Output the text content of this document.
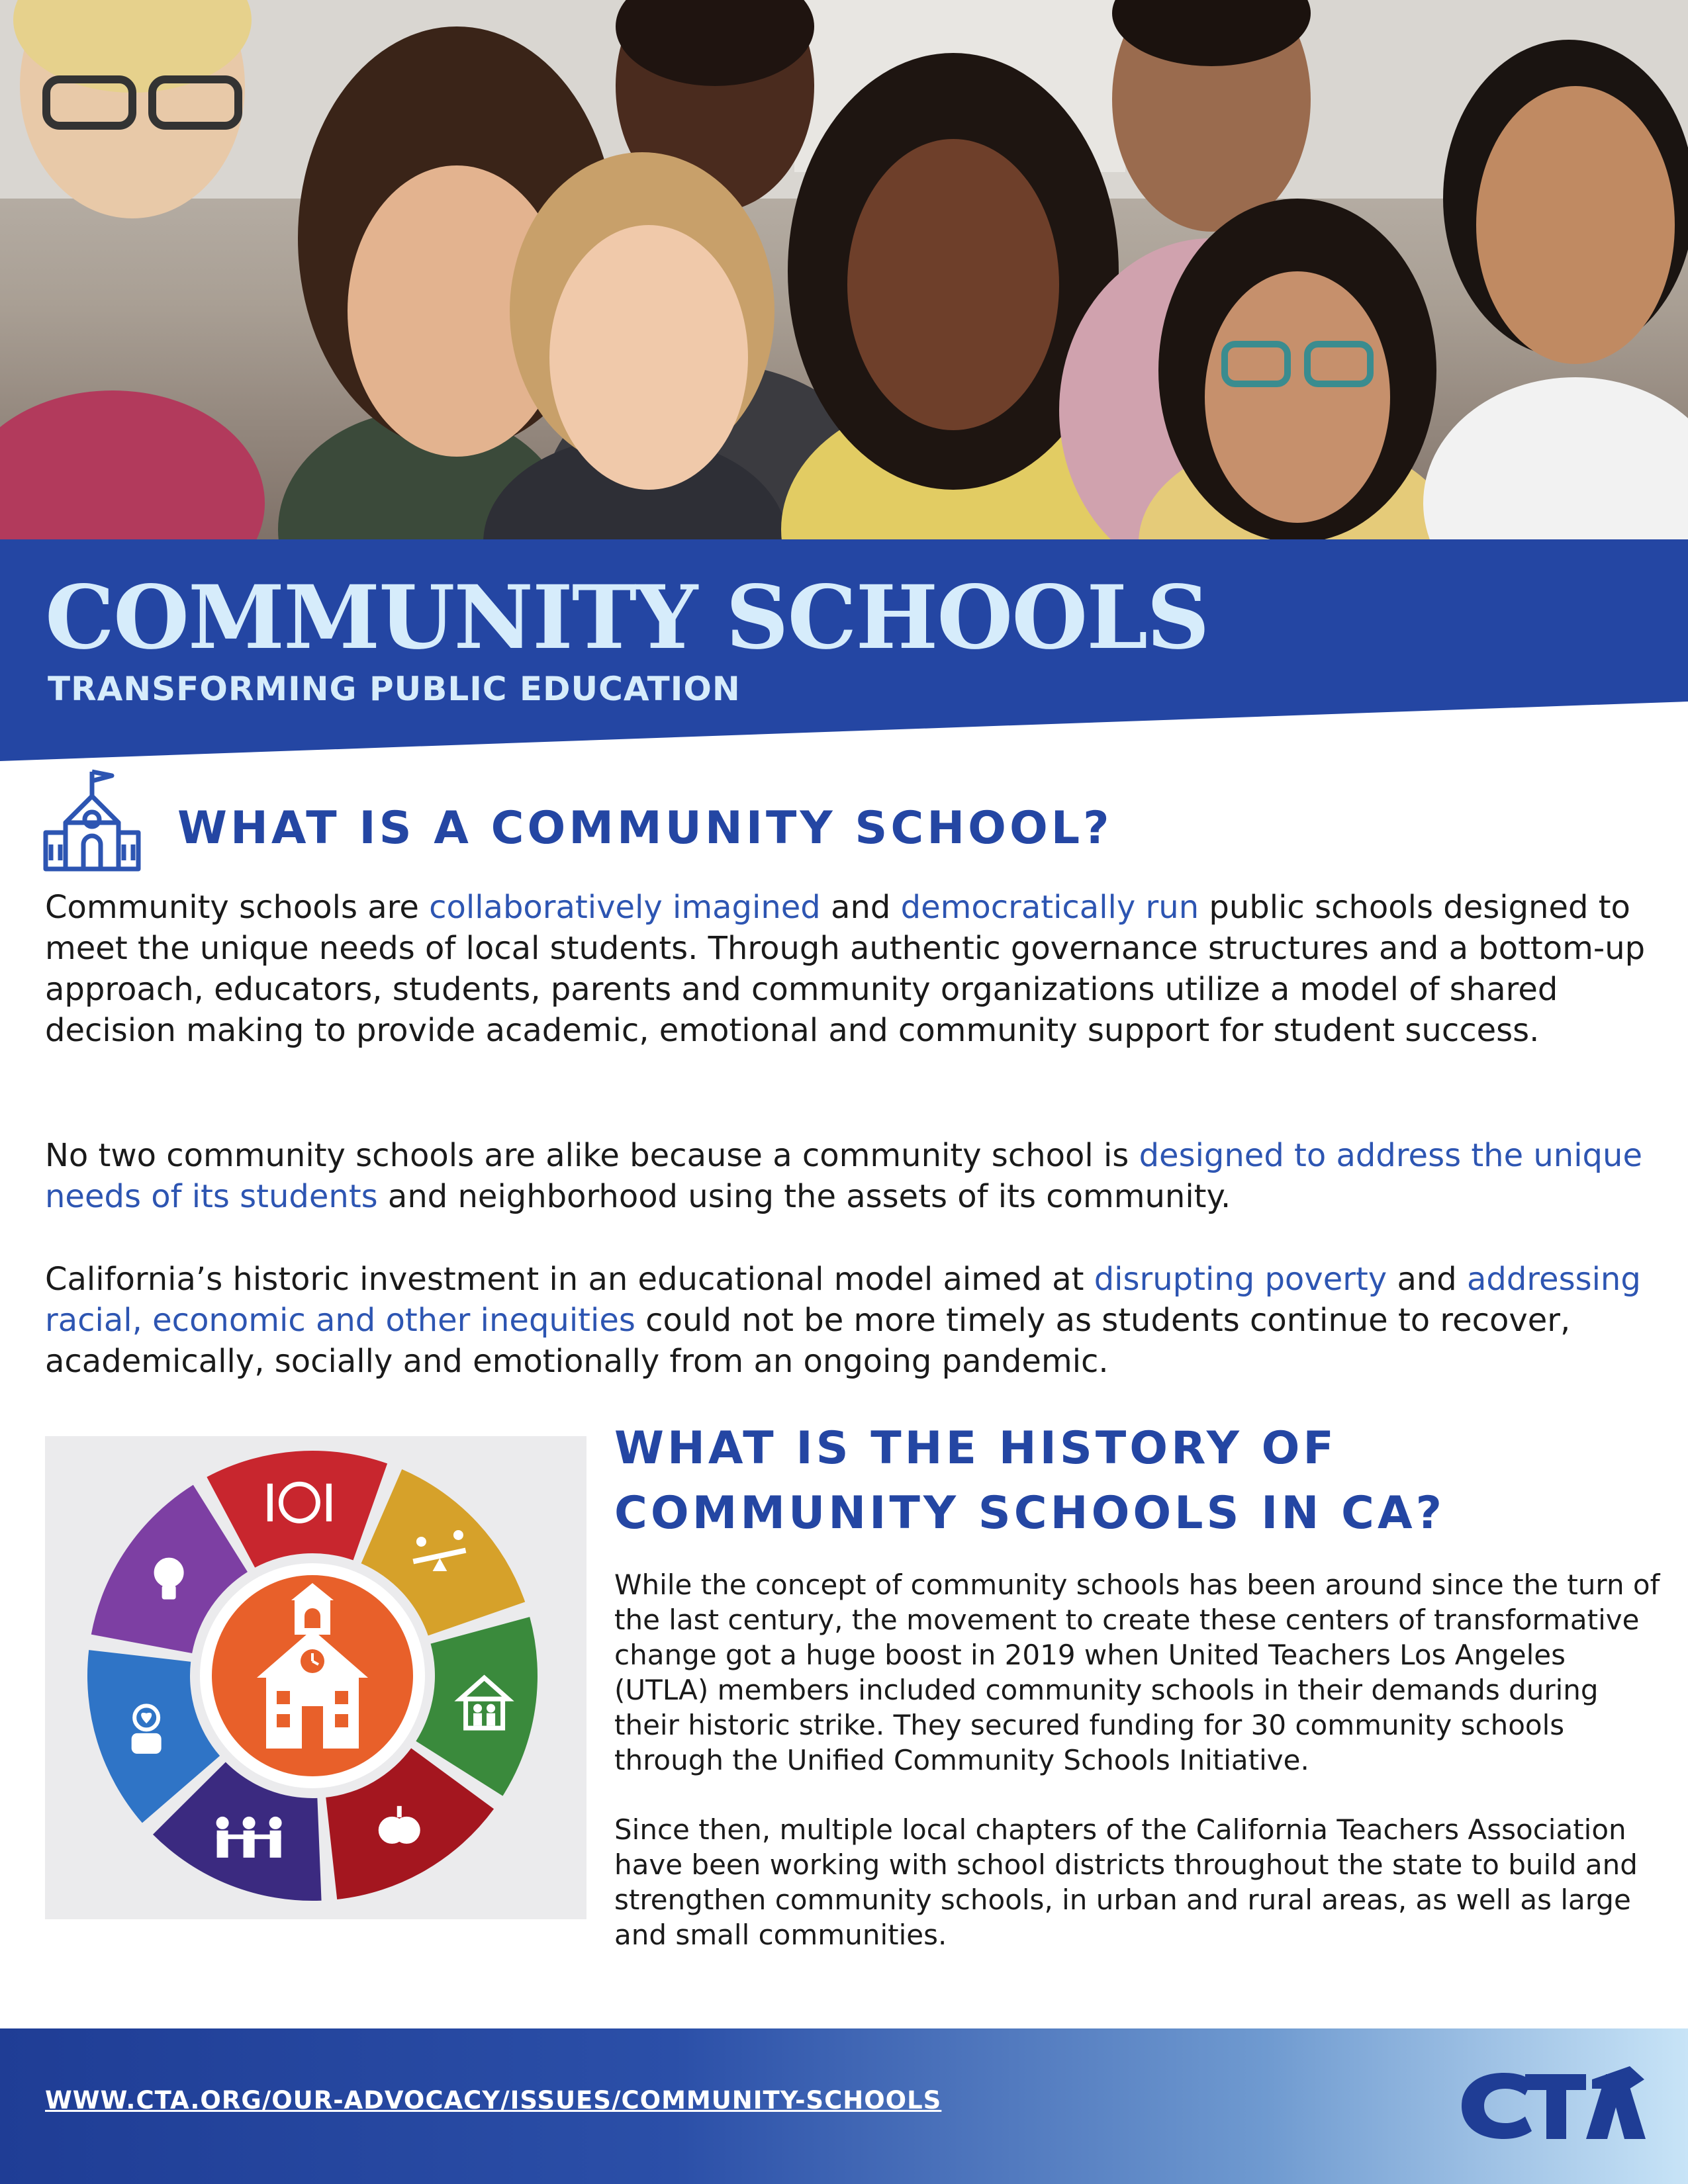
COMMUNITY SCHOOLS
TRANSFORMING PUBLIC EDUCATION
WHAT IS A COMMUNITY SCHOOL?

Community schools are collaboratively imagined and democratically run public schools designed to meet the unique needs of local students. Through authentic governance structures and a bottom-up approach, educators, students, parents and community organizations utilize a model of shared decision making to provide academic, emotional and community support for student success.

No two community schools are alike because a community school is designed to address the unique needs of its students and neighborhood using the assets of its community.

California’s historic investment in an educational model aimed at disrupting poverty and addressing racial, economic and other inequities could not be more timely as students continue to recover, academically, socially and emotionally from an ongoing pandemic.

WHAT IS THE HISTORY OF COMMUNITY SCHOOLS IN CA?

While the concept of community schools has been around since the turn of the last century, the movement to create these centers of transformative change got a huge boost in 2019 when United Teachers Los Angeles (UTLA) members included community schools in their demands during their historic strike. They secured funding for 30 community schools through the Unified Community Schools Initiative.

Since then, multiple local chapters of the California Teachers Association have been working with school districts throughout the state to build and strengthen community schools, in urban and rural areas, as well as large and small communities.

WWW.CTA.ORG/OUR-ADVOCACY/ISSUES/COMMUNITY-SCHOOLS
